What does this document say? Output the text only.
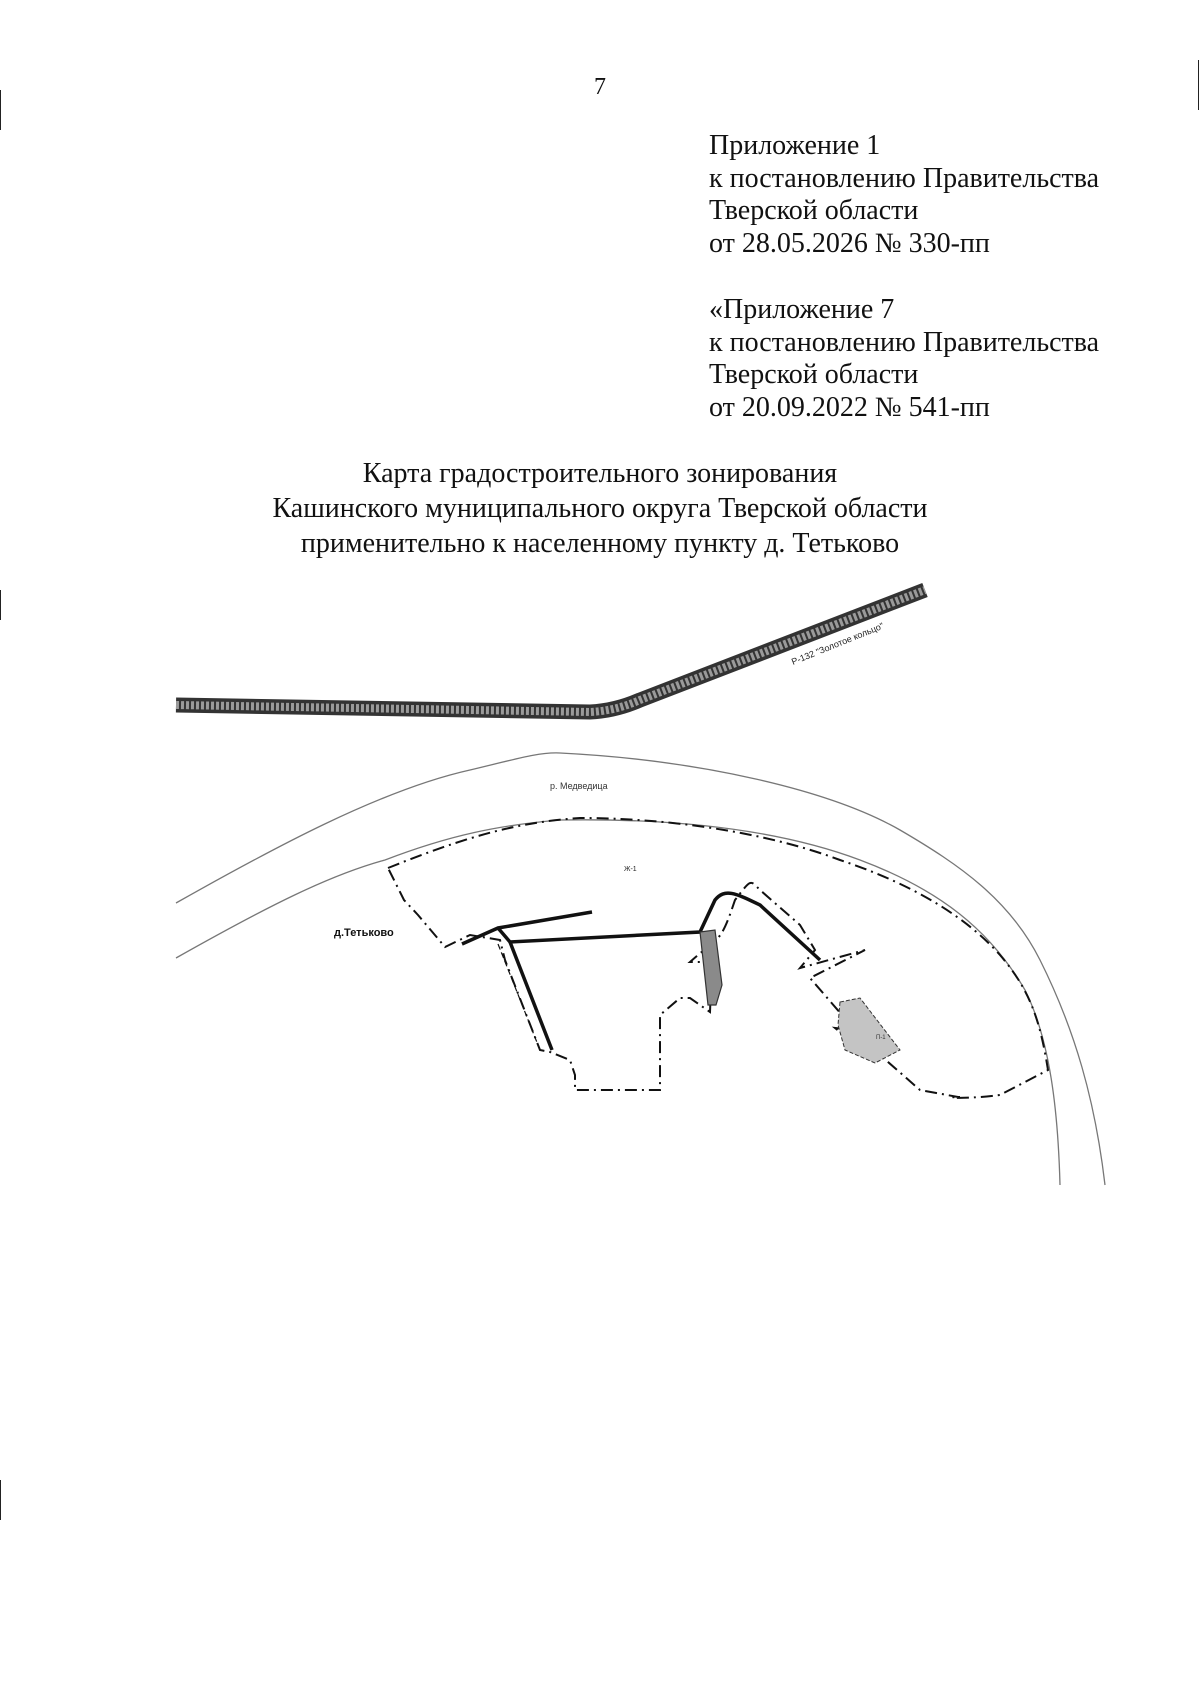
7
Приложение 1
к постановлению Правительства
Тверской области
от 28.05.2026 № 330-пп
«Приложение 7
к постановлению Правительства
Тверской области
от 20.09.2022 № 541-пп
Карта градостроительного зонирования
Кашинского муниципального округа Тверской области
применительно к населенному пункту д. Тетьково
Р-132 "Золотое кольцо"
р. Медведица
д.Тетьково
Ж-1
П-1
